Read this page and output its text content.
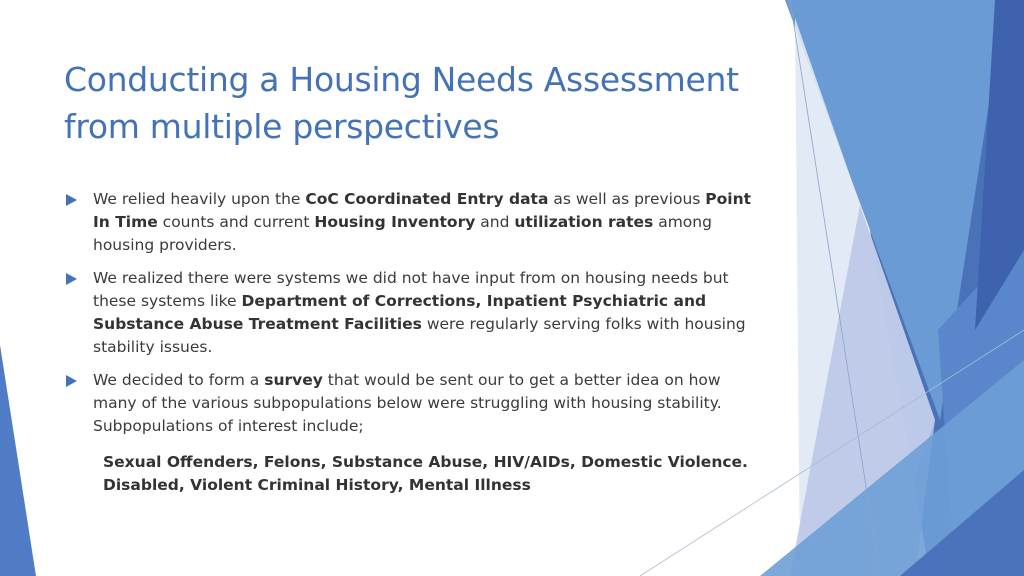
Conducting a Housing Needs Assessment
from multiple perspectives
We relied heavily upon the CoC Coordinated Entry data as well as previous Point In Time counts and current Housing Inventory and utilization rates among housing providers.
We realized there were systems we did not have input from on housing needs but these systems like Department of Corrections, Inpatient Psychiatric and Substance Abuse Treatment Facilities were regularly serving folks with housing stability issues.
We decided to form a survey that would be sent our to get a better idea on how many of the various subpopulations below were struggling with housing stability. Subpopulations of interest include;

Sexual Offenders, Felons, Substance Abuse, HIV/AIDs, Domestic Violence.
Disabled, Violent Criminal History, Mental Illness
